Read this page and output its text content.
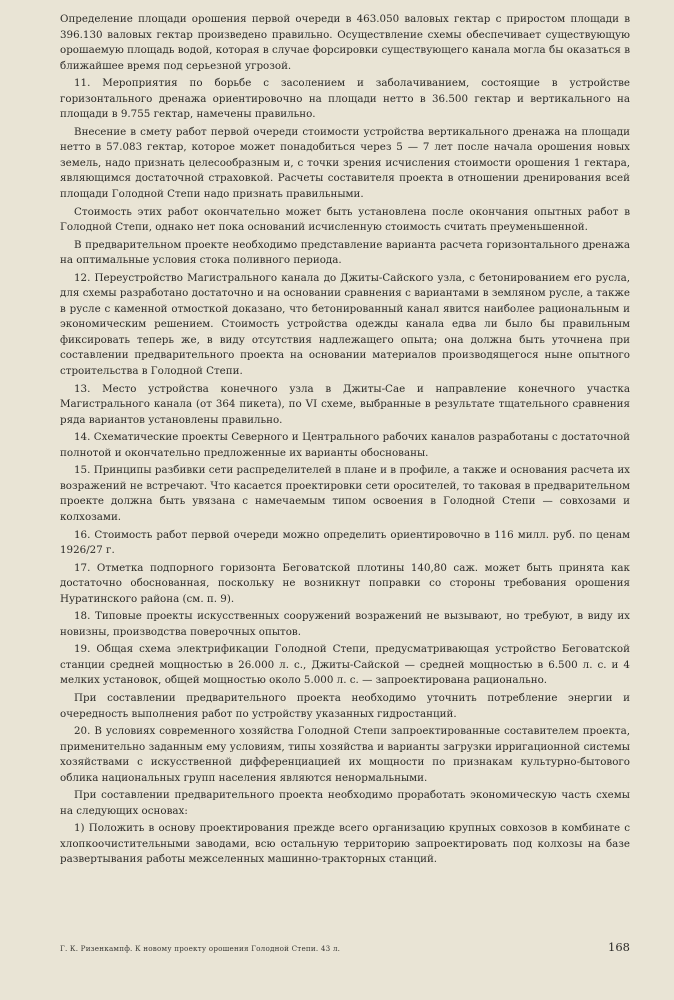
Определение площади орошения первой очереди в 463.050 валовых гектар с приростом площади в 396.130 валовых гектар произведено правильно. Осуществление схемы обеспечивает существующую орошаемую площадь водой, которая в случае форсировки существующего канала могла бы оказаться в ближайшее время под серьезной угрозой.

11. Мероприятия по борьбе с засолением и заболачиванием, состоящие в устройстве горизонтального дренажа ориентировочно на площади нетто в 36.500 гектар и вертикального на площади в 9.755 гектар, намечены правильно.

Внесение в смету работ первой очереди стоимости устройства вертикального дренажа на площади нетто в 57.083 гектар, которое может понадобиться через 5 — 7 лет после начала орошения новых земель, надо признать целесообразным и, с точки зрения исчисления стоимости орошения 1 гектара, являющимся достаточной страховкой. Расчеты составителя проекта в отношении дренирования всей площади Голодной Степи надо признать правильными.

Стоимость этих работ окончательно может быть установлена после окончания опытных работ в Голодной Степи, однако нет пока оснований исчисленную стоимость считать преуменьшенной.

В предварительном проекте необходимо представление варианта расчета горизонтального дренажа на оптимальные условия стока поливного периода.

12. Переустройство Магистрального канала до Джиты-Сайского узла, с бетонированием его русла, для схемы разработано достаточно и на основании сравнения с вариантами в земляном русле, а также в русле с каменной отмосткой доказано, что бетонированный канал явится наиболее рациональным и экономическим решением. Стоимость устройства одежды канала едва ли было бы правильным фиксировать теперь же, в виду отсутствия надлежащего опыта; она должна быть уточнена при составлении предварительного проекта на основании материалов производящегося ныне опытного строительства в Голодной Степи.

13. Место устройства конечного узла в Джиты-Сае и направление конечного участка Магистрального канала (от 364 пикета), по VI схеме, выбранные в результате тщательного сравнения ряда вариантов установлены правильно.

14. Схематические проекты Северного и Центрального рабочих каналов разработаны с достаточной полнотой и окончательно предложенные их варианты обоснованы.

15. Принципы разбивки сети распределителей в плане и в профиле, а также и основания расчета их возражений не встречают. Что касается проектировки сети оросителей, то таковая в предварительном проекте должна быть увязана с намечаемым типом освоения в Голодной Степи — совхозами и колхозами.

16. Стоимость работ первой очереди можно определить ориентировочно в 116 милл. руб. по ценам 1926/27 г.

17. Отметка подпорного горизонта Беговатской плотины 140,80 саж. может быть принята как достаточно обоснованная, поскольку не возникнут поправки со стороны требования орошения Нуратинского района (см. п. 9).

18. Типовые проекты искусственных сооружений возражений не вызывают, но требуют, в виду их новизны, производства поверочных опытов.

19. Общая схема электрификации Голодной Степи, предусматривающая устройство Беговатской станции средней мощностью в 26.000 л. с., Джиты-Сайской — средней мощностью в 6.500 л. с. и 4 мелких установок, общей мощностью около 5.000 л. с. — запроектирована рационально.

При составлении предварительного проекта необходимо уточнить потребление энергии и очередность выполнения работ по устройству указанных гидростанций.

20. В условиях современного хозяйства Голодной Степи запроектированные составителем проекта, применительно заданным ему условиям, типы хозяйства и варианты загрузки ирригационной системы хозяйствами с искусственной дифференциацией их мощности по признакам культурно-бытового облика национальных групп населения являются ненормальными.

При составлении предварительного проекта необходимо проработать экономическую часть схемы на следующих основах:

1) Положить в основу проектирования прежде всего организацию крупных совхозов в комбинате с хлопкоочистительными заводами, всю остальную территорию запроектировать под колхозы на базе развертывания работы межселенных машинно-тракторных станций.

Г. К. Ризенкампф. К новому проекту орошения Голодной Степи. 43 л.	168
